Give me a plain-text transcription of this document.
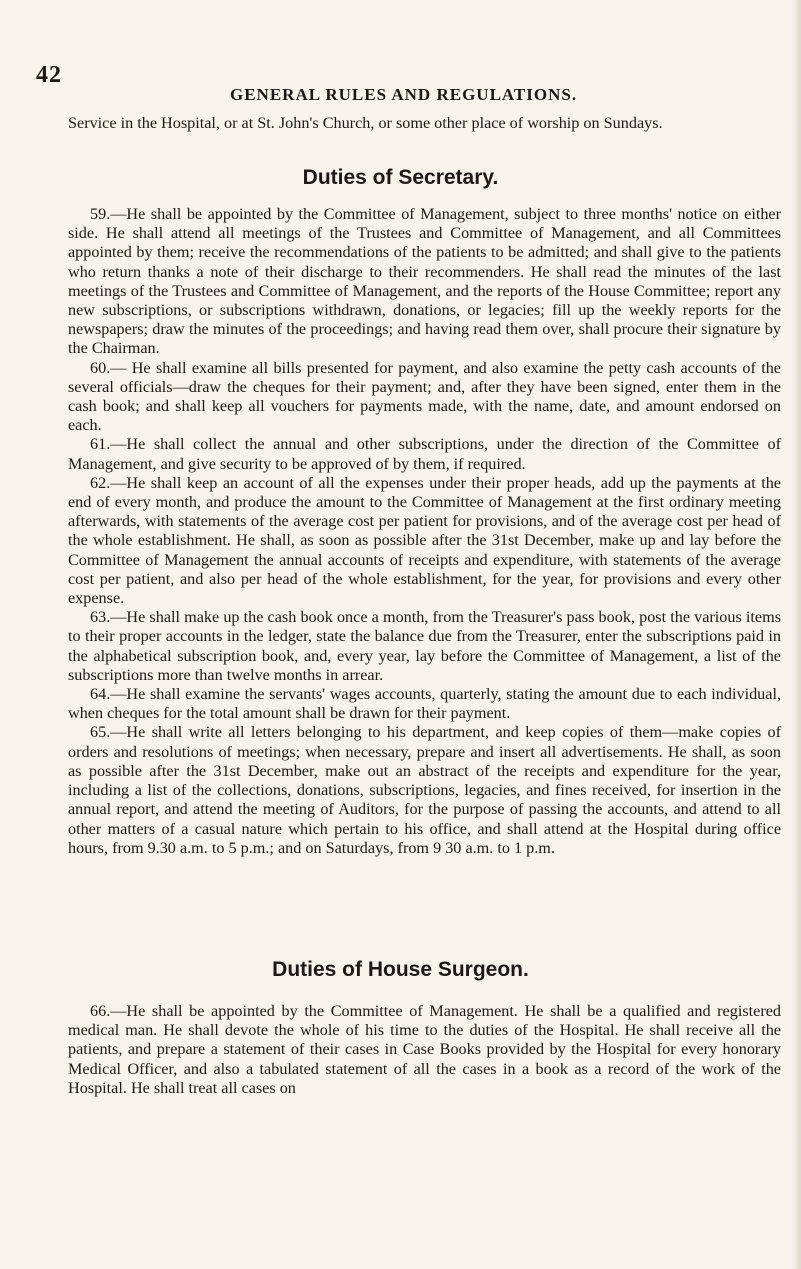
42
GENERAL RULES AND REGULATIONS.

Service in the Hospital, or at St. John's Church, or some other place of worship on Sundays.

Duties of Secretary.

59.—He shall be appointed by the Committee of Management, subject to three months' notice on either side. He shall attend all meetings of the Trustees and Committee of Management, and all Committees appointed by them; receive the recommendations of the patients to be admitted; and shall give to the patients who return thanks a note of their discharge to their recommenders. He shall read the minutes of the last meetings of the Trustees and Committee of Management, and the reports of the House Committee; report any new subscriptions, or subscriptions withdrawn, donations, or legacies; fill up the weekly reports for the newspapers; draw the minutes of the proceedings; and having read them over, shall procure their signature by the Chairman.

60.— He shall examine all bills presented for payment, and also examine the petty cash accounts of the several officials—draw the cheques for their payment; and, after they have been signed, enter them in the cash book; and shall keep all vouchers for payments made, with the name, date, and amount endorsed on each.

61.—He shall collect the annual and other subscriptions, under the direction of the Committee of Management, and give security to be approved of by them, if required.

62.—He shall keep an account of all the expenses under their proper heads, add up the payments at the end of every month, and produce the amount to the Committee of Management at the first ordinary meeting afterwards, with statements of the average cost per patient for provisions, and of the average cost per head of the whole establishment. He shall, as soon as possible after the 31st December, make up and lay before the Committee of Management the annual accounts of receipts and expenditure, with statements of the average cost per patient, and also per head of the whole establishment, for the year, for provisions and every other expense.

63.—He shall make up the cash book once a month, from the Treasurer's pass book, post the various items to their proper accounts in the ledger, state the balance due from the Treasurer, enter the subscriptions paid in the alphabetical subscription book, and, every year, lay before the Committee of Management, a list of the subscriptions more than twelve months in arrear.

64.—He shall examine the servants' wages accounts, quarterly, stating the amount due to each individual, when cheques for the total amount shall be drawn for their payment.

65.—He shall write all letters belonging to his department, and keep copies of them—make copies of orders and resolutions of meetings; when necessary, prepare and insert all advertisements. He shall, as soon as possible after the 31st December, make out an abstract of the receipts and expenditure for the year, including a list of the collections, donations, subscriptions, legacies, and fines received, for insertion in the annual report, and attend the meeting of Auditors, for the purpose of passing the accounts, and attend to all other matters of a casual nature which pertain to his office, and shall attend at the Hospital during office hours, from 9.30 a.m. to 5 p.m.; and on Saturdays, from 9 30 a.m. to 1 p.m.

Duties of House Surgeon.

66.—He shall be appointed by the Committee of Management. He shall be a qualified and registered medical man. He shall devote the whole of his time to the duties of the Hospital. He shall receive all the patients, and prepare a statement of their cases in Case Books provided by the Hospital for every honorary Medical Officer, and also a tabulated statement of all the cases in a book as a record of the work of the Hospital. He shall treat all cases on
